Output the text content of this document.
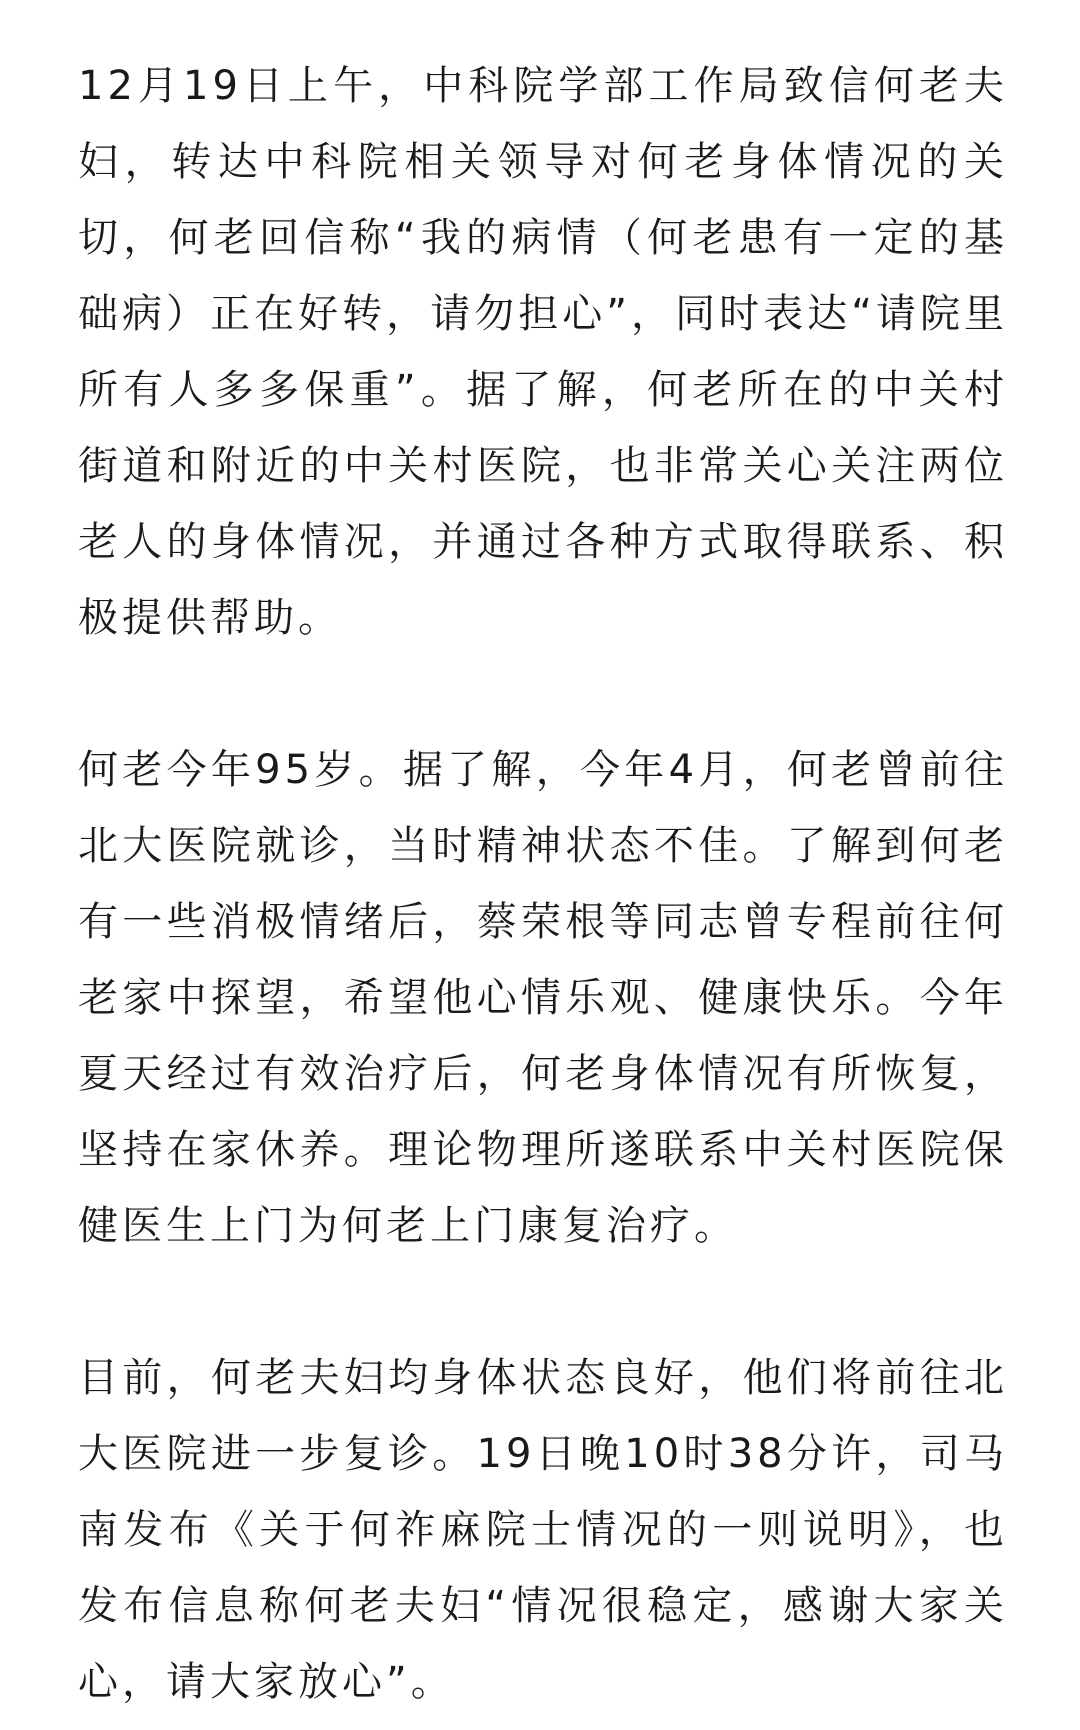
12月19日上午，中科院学部工作局致信何老夫妇，转达中科院相关领导对何老身体情况的关切，何老回信称“我的病情（何老患有一定的基础病）正在好转，请勿担心”，同时表达“请院里所有人多多保重”。据了解，何老所在的中关村街道和附近的中关村医院，也非常关心关注两位老人的身体情况，并通过各种方式取得联系、积极提供帮助。

何老今年95岁。据了解，今年4月，何老曾前往北大医院就诊，当时精神状态不佳。了解到何老有一些消极情绪后，蔡荣根等同志曾专程前往何老家中探望，希望他心情乐观、健康快乐。今年夏天经过有效治疗后，何老身体情况有所恢复，坚持在家休养。理论物理所遂联系中关村医院保健医生上门为何老上门康复治疗。

目前，何老夫妇均身体状态良好，他们将前往北大医院进一步复诊。19日晚10时38分许，司马南发布《关于何祚麻院士情况的一则说明》，也发布信息称何老夫妇“情况很稳定，感谢大家关心，请大家放心”。
